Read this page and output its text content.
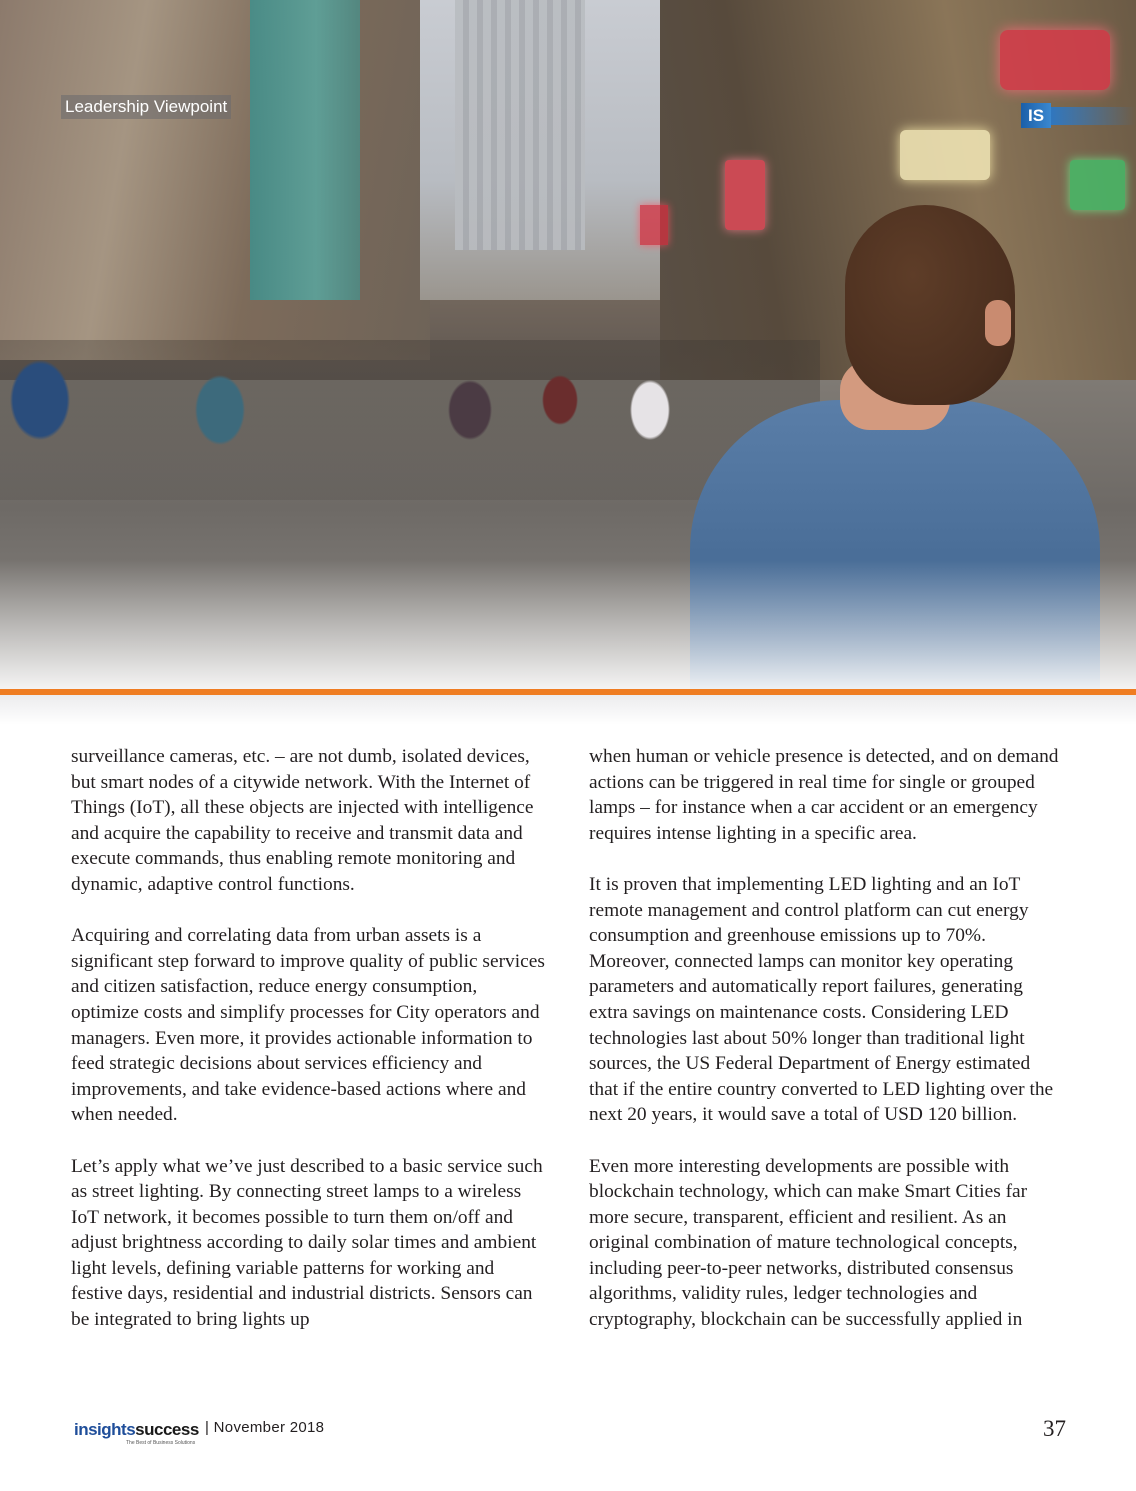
Leadership Viewpoint	IS

surveillance cameras, etc. – are not dumb, isolated devices, but smart nodes of a citywide network. With the Internet of Things (IoT), all these objects are injected with intelligence and acquire the capability to receive and transmit data and execute commands, thus enabling remote monitoring and dynamic, adaptive control functions.

Acquiring and correlating data from urban assets is a significant step forward to improve quality of public services and citizen satisfaction, reduce energy consumption, optimize costs and simplify processes for City operators and managers. Even more, it provides actionable information to feed strategic decisions about services efficiency and improvements, and take evidence-based actions where and when needed.

Let’s apply what we’ve just described to a basic service such as street lighting. By connecting street lamps to a wireless IoT network, it becomes possible to turn them on/off and adjust brightness according to daily solar times and ambient light levels, defining variable patterns for working and festive days, residential and industrial districts. Sensors can be integrated to bring lights up

when human or vehicle presence is detected, and on demand actions can be triggered in real time for single or grouped lamps – for instance when a car accident or an emergency requires intense lighting in a specific area.

It is proven that implementing LED lighting and an IoT remote management and control platform can cut energy consumption and greenhouse emissions up to 70%. Moreover, connected lamps can monitor key operating parameters and automatically report failures, generating extra savings on maintenance costs. Considering LED technologies last about 50% longer than traditional light sources, the US Federal Department of Energy estimated that if the entire country converted to LED lighting over the next 20 years, it would save a total of USD 120 billion.

Even more interesting developments are possible with blockchain technology, which can make Smart Cities far more secure, transparent, efficient and resilient. As an original combination of mature technological concepts, including peer-to-peer networks, distributed consensus algorithms, validity rules, ledger technologies and cryptography, blockchain can be successfully applied in

insightssuccess
The Best of Business Solutions
| November 2018	37
